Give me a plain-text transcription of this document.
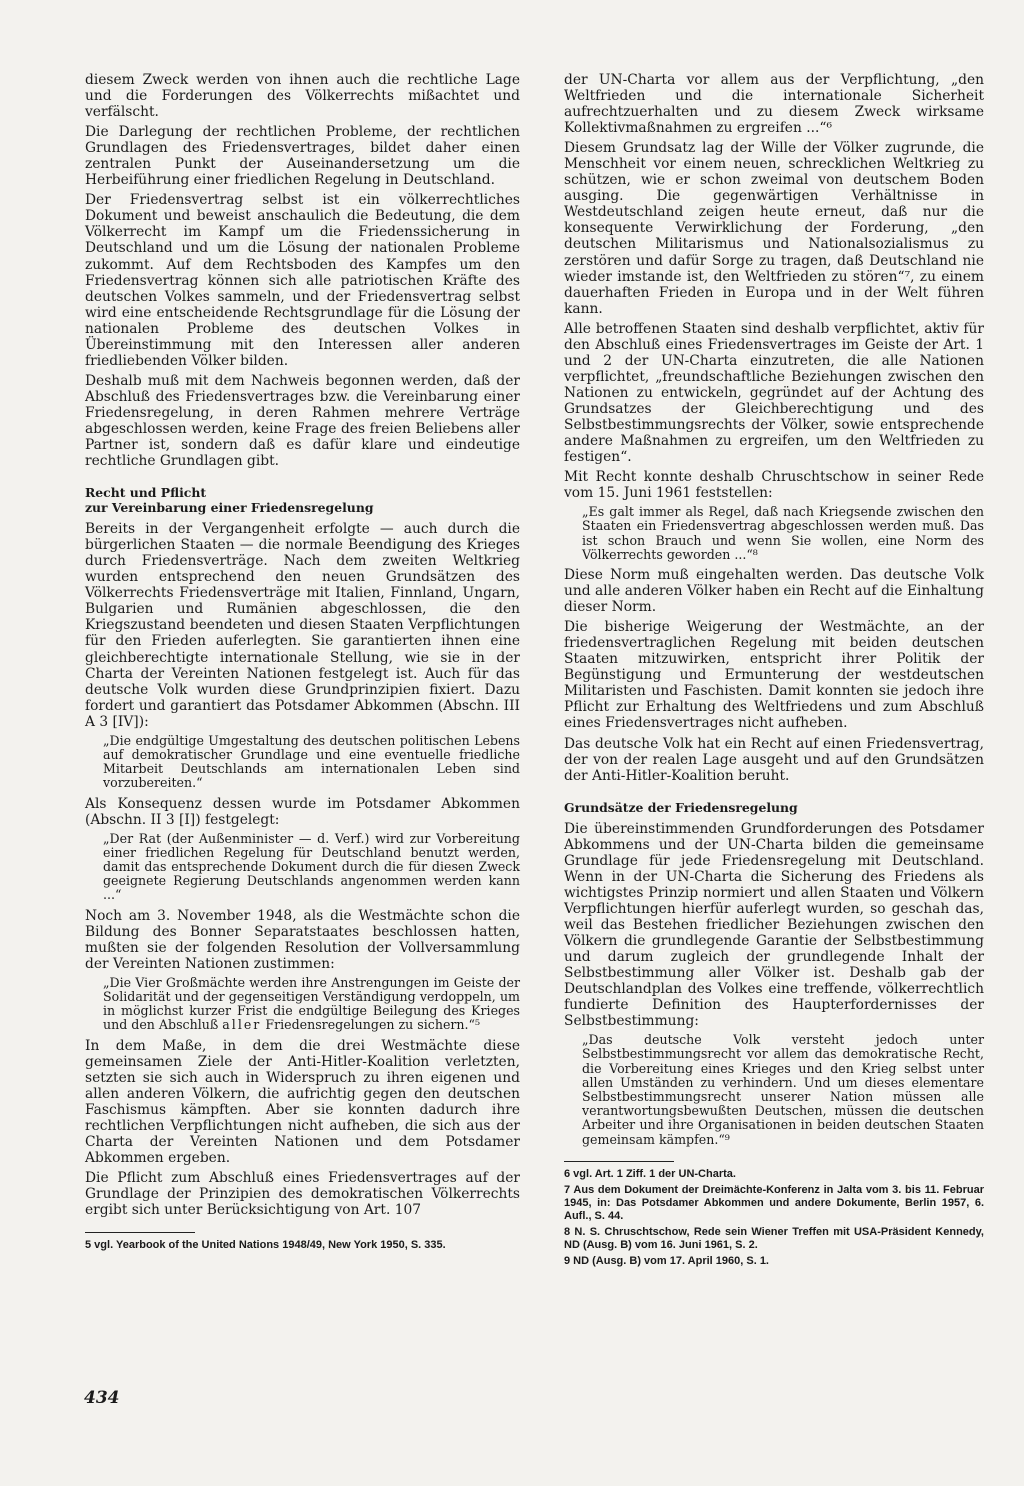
diesem Zweck werden von ihnen auch die rechtliche Lage und die Forderungen des Völkerrechts mißachtet und verfälscht.

Die Darlegung der rechtlichen Probleme, der rechtlichen Grundlagen des Friedensvertrages, bildet daher einen zentralen Punkt der Auseinandersetzung um die Herbeiführung einer friedlichen Regelung in Deutschland.

Der Friedensvertrag selbst ist ein völkerrechtliches Dokument und beweist anschaulich die Bedeutung, die dem Völkerrecht im Kampf um die Friedenssicherung in Deutschland und um die Lösung der nationalen Probleme zukommt. Auf dem Rechtsboden des Kampfes um den Friedensvertrag können sich alle patriotischen Kräfte des deutschen Volkes sammeln, und der Friedensvertrag selbst wird eine entscheidende Rechtsgrundlage für die Lösung der nationalen Probleme des deutschen Volkes in Übereinstimmung mit den Interessen aller anderen friedliebenden Völker bilden.

Deshalb muß mit dem Nachweis begonnen werden, daß der Abschluß des Friedensvertrages bzw. die Vereinbarung einer Friedensregelung, in deren Rahmen mehrere Verträge abgeschlossen werden, keine Frage des freien Beliebens aller Partner ist, sondern daß es dafür klare und eindeutige rechtliche Grundlagen gibt.

Recht und Pflicht
zur Vereinbarung einer Friedensregelung

Bereits in der Vergangenheit erfolgte — auch durch die bürgerlichen Staaten — die normale Beendigung des Krieges durch Friedensverträge. Nach dem zweiten Weltkrieg wurden entsprechend den neuen Grundsätzen des Völkerrechts Friedensverträge mit Italien, Finnland, Ungarn, Bulgarien und Rumänien abgeschlossen, die den Kriegszustand beendeten und diesen Staaten Verpflichtungen für den Frieden auferlegten. Sie garantierten ihnen eine gleichberechtigte internationale Stellung, wie sie in der Charta der Vereinten Nationen festgelegt ist. Auch für das deutsche Volk wurden diese Grundprinzipien fixiert. Dazu fordert und garantiert das Potsdamer Abkommen (Abschn. III A 3 [IV]):

„Die endgültige Umgestaltung des deutschen politischen Lebens auf demokratischer Grundlage und eine eventuelle friedliche Mitarbeit Deutschlands am internationalen Leben sind vorzubereiten.“

Als Konsequenz dessen wurde im Potsdamer Abkommen (Abschn. II 3 [I]) festgelegt:

„Der Rat (der Außenminister — d. Verf.) wird zur Vorbereitung einer friedlichen Regelung für Deutschland benutzt werden, damit das entsprechende Dokument durch die für diesen Zweck geeignete Regierung Deutschlands angenommen werden kann ...“

Noch am 3. November 1948, als die Westmächte schon die Bildung des Bonner Separatstaates beschlossen hatten, mußten sie der folgenden Resolution der Vollversammlung der Vereinten Nationen zustimmen:

„Die Vier Großmächte werden ihre Anstrengungen im Geiste der Solidarität und der gegenseitigen Verständigung verdoppeln, um in möglichst kurzer Frist die endgültige Beilegung des Krieges und den Abschluß aller Friedensregelungen zu sichern.“⁵

In dem Maße, in dem die drei Westmächte diese gemeinsamen Ziele der Anti-Hitler-Koalition verletzten, setzten sie sich auch in Widerspruch zu ihren eigenen und allen anderen Völkern, die aufrichtig gegen den deutschen Faschismus kämpften. Aber sie konnten dadurch ihre rechtlichen Verpflichtungen nicht aufheben, die sich aus der Charta der Vereinten Nationen und dem Potsdamer Abkommen ergeben.

Die Pflicht zum Abschluß eines Friedensvertrages auf der Grundlage der Prinzipien des demokratischen Völkerrechts ergibt sich unter Berücksichtigung von Art. 107

5 vgl. Yearbook of the United Nations 1948/49, New York 1950, S. 335.

der UN-Charta vor allem aus der Verpflichtung, „den Weltfrieden und die internationale Sicherheit aufrechtzuerhalten und zu diesem Zweck wirksame Kollektivmaßnahmen zu ergreifen ...“⁶

Diesem Grundsatz lag der Wille der Völker zugrunde, die Menschheit vor einem neuen, schrecklichen Weltkrieg zu schützen, wie er schon zweimal von deutschem Boden ausging. Die gegenwärtigen Verhältnisse in Westdeutschland zeigen heute erneut, daß nur die konsequente Verwirklichung der Forderung, „den deutschen Militarismus und Nationalsozialismus zu zerstören und dafür Sorge zu tragen, daß Deutschland nie wieder imstande ist, den Weltfrieden zu stören“⁷, zu einem dauerhaften Frieden in Europa und in der Welt führen kann.

Alle betroffenen Staaten sind deshalb verpflichtet, aktiv für den Abschluß eines Friedensvertrages im Geiste der Art. 1 und 2 der UN-Charta einzutreten, die alle Nationen verpflichtet, „freundschaftliche Beziehungen zwischen den Nationen zu entwickeln, gegründet auf der Achtung des Grundsatzes der Gleichberechtigung und des Selbstbestimmungsrechts der Völker, sowie entsprechende andere Maßnahmen zu ergreifen, um den Weltfrieden zu festigen“.

Mit Recht konnte deshalb Chruschtschow in seiner Rede vom 15. Juni 1961 feststellen:

„Es galt immer als Regel, daß nach Kriegsende zwischen den Staaten ein Friedensvertrag abgeschlossen werden muß. Das ist schon Brauch und wenn Sie wollen, eine Norm des Völkerrechts geworden ...“⁸

Diese Norm muß eingehalten werden. Das deutsche Volk und alle anderen Völker haben ein Recht auf die Einhaltung dieser Norm.

Die bisherige Weigerung der Westmächte, an der friedensvertraglichen Regelung mit beiden deutschen Staaten mitzuwirken, entspricht ihrer Politik der Begünstigung und Ermunterung der westdeutschen Militaristen und Faschisten. Damit konnten sie jedoch ihre Pflicht zur Erhaltung des Weltfriedens und zum Abschluß eines Friedensvertrages nicht aufheben.

Das deutsche Volk hat ein Recht auf einen Friedensvertrag, der von der realen Lage ausgeht und auf den Grundsätzen der Anti-Hitler-Koalition beruht.

Grundsätze der Friedensregelung

Die übereinstimmenden Grundforderungen des Potsdamer Abkommens und der UN-Charta bilden die gemeinsame Grundlage für jede Friedensregelung mit Deutschland. Wenn in der UN-Charta die Sicherung des Friedens als wichtigstes Prinzip normiert und allen Staaten und Völkern Verpflichtungen hierfür auferlegt wurden, so geschah das, weil das Bestehen friedlicher Beziehungen zwischen den Völkern die grundlegende Garantie der Selbstbestimmung und darum zugleich der grundlegende Inhalt der Selbstbestimmung aller Völker ist. Deshalb gab der Deutschlandplan des Volkes eine treffende, völkerrechtlich fundierte Definition des Haupterfordernisses der Selbstbestimmung:

„Das deutsche Volk versteht jedoch unter Selbstbestimmungsrecht vor allem das demokratische Recht, die Vorbereitung eines Krieges und den Krieg selbst unter allen Umständen zu verhindern. Und um dieses elementare Selbstbestimmungsrecht unserer Nation müssen alle verantwortungsbewußten Deutschen, müssen die deutschen Arbeiter und ihre Organisationen in beiden deutschen Staaten gemeinsam kämpfen.“⁹

6 vgl. Art. 1 Ziff. 1 der UN-Charta.

7 Aus dem Dokument der Dreimächte-Konferenz in Jalta vom 3. bis 11. Februar 1945, in: Das Potsdamer Abkommen und andere Dokumente, Berlin 1957, 6. Aufl., S. 44.

8 N. S. Chruschtschow, Rede sein Wiener Treffen mit USA-Präsident Kennedy, ND (Ausg. B) vom 16. Juni 1961, S. 2.

9 ND (Ausg. B) vom 17. April 1960, S. 1.

434
